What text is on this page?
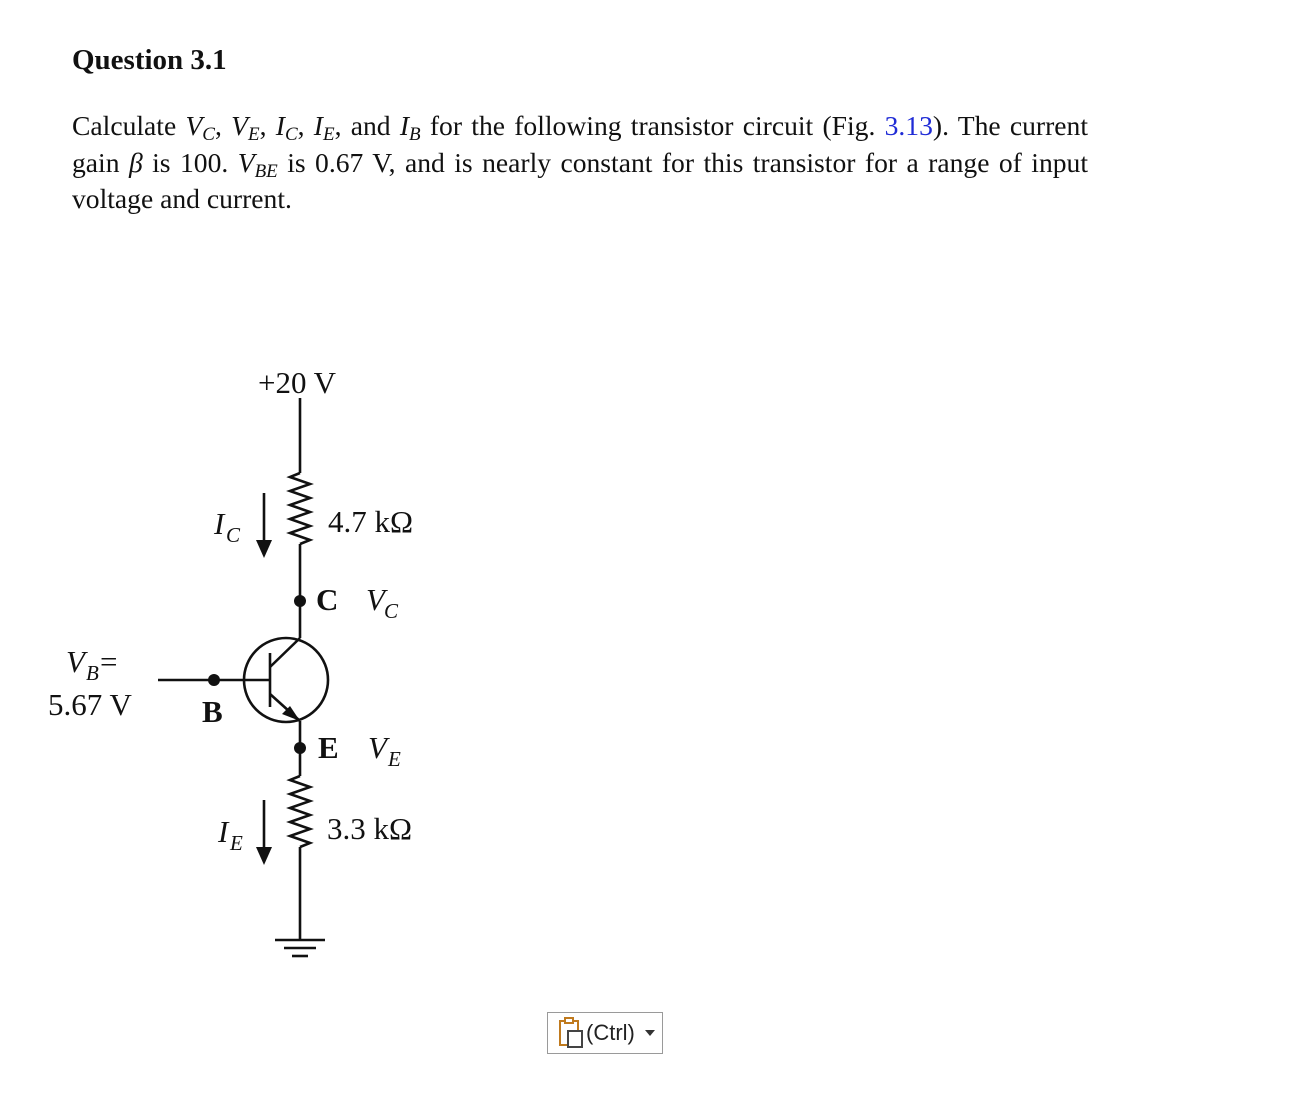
Question 3.1
Calculate $V_C$, $V_E$, $I_C$, $I_E$, and $I_B$ for the following transistor circuit (Fig. 3.13). The current gain β is 100. $V_{BE}$ is 0.67 V, and is nearly constant for this transistor for a range of input voltage and current.
+20 V
4.7 kΩ
3.3 kΩ
C V C
E V E
B
I C
I E
V B =
5.67 V
(Ctrl)
